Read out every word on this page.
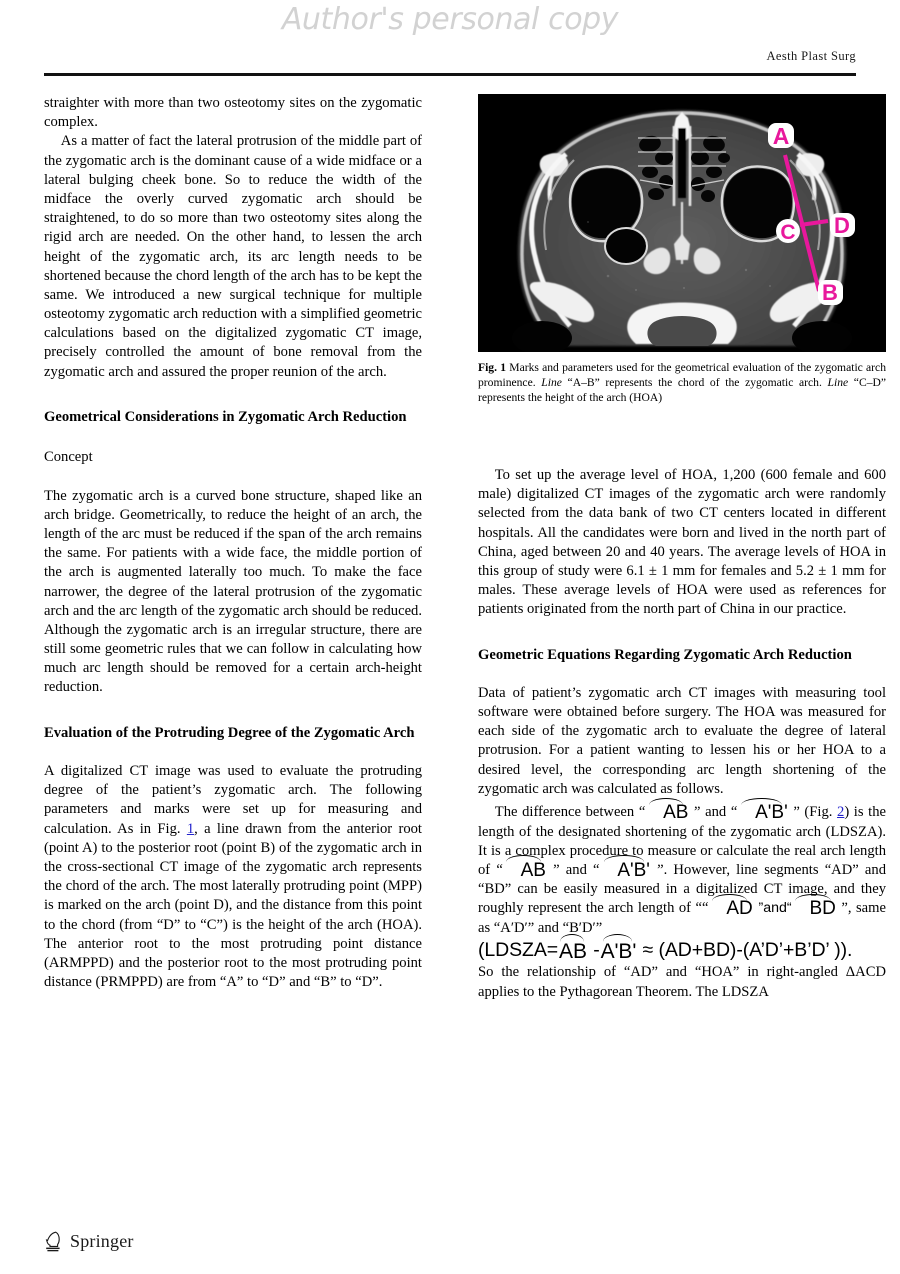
Author's personal copy
Aesth Plast Surg

straighter with more than two osteotomy sites on the zygomatic complex.

As a matter of fact the lateral protrusion of the middle part of the zygomatic arch is the dominant cause of a wide midface or a lateral bulging cheek bone. So to reduce the width of the midface the overly curved zygomatic arch should be straightened, to do so more than two osteotomy sites along the rigid arch are needed. On the other hand, to lessen the arch height of the zygomatic arch, its arc length needs to be shortened because the chord length of the arch has to be kept the same. We introduced a new surgical technique for multiple osteotomy zygomatic arch reduction with a simplified geometric calculations based on the digitalized zygomatic CT image, precisely controlled the amount of bone removal from the zygomatic arch and assured the proper reunion of the arch.

Geometrical Considerations in Zygomatic Arch Reduction
Concept

The zygomatic arch is a curved bone structure, shaped like an arch bridge. Geometrically, to reduce the height of an arch, the length of the arc must be reduced if the span of the arch remains the same. For patients with a wide face, the middle portion of the arch is augmented laterally too much. To make the face narrower, the degree of the lateral protrusion of the zygomatic arch and the arc length of the zygomatic arch should be reduced. Although the zygomatic arch is an irregular structure, there are still some geometric rules that we can follow in calculating how much arc length should be removed for a certain arch-height reduction.

Evaluation of the Protruding Degree of the Zygomatic Arch

A digitalized CT image was used to evaluate the protruding degree of the patient’s zygomatic arch. The following parameters and marks were set up for measuring and calculation. As in Fig. 1, a line drawn from the anterior root (point A) to the posterior root (point B) of the zygomatic arch in the cross-sectional CT image of the zygomatic arch represents the chord of the arch. The most laterally protruding point (MPP) is marked on the arch (point D), and the distance from this point to the chord (from “D” to “C”) is the height of the arch (HOA). The anterior root to the most protruding point distance (ARMPPD) and the posterior root to the most protruding point distance (PRMPPD) are from “A” to “D” and “B” to “D”.

A
D
C
B
Fig. 1 Marks and parameters used for the geometrical evaluation of the zygomatic arch prominence. Line “A–B” represents the chord of the zygomatic arch. Line “C–D” represents the height of the arch (HOA)

To set up the average level of HOA, 1,200 (600 female and 600 male) digitalized CT images of the zygomatic arch were randomly selected from the data bank of two CT centers located in different hospitals. All the candidates were born and lived in the north part of China, aged between 20 and 40 years. The average levels of HOA in this group of study were 6.1 ± 1 mm for females and 5.2 ± 1 mm for males. These average levels of HOA were used as references for patients originated from the north part of China in our practice.

Geometric Equations Regarding Zygomatic Arch Reduction

Data of patient’s zygomatic arch CT images with measuring tool software were obtained before surgery. The HOA was measured for each side of the zygomatic arch to evaluate the degree of lateral protrusion. For a patient wanting to lessen his or her HOA to a desired level, the corresponding arc length shortening of the zygomatic arch was calculated as follows.

The difference between “ AB ” and “ A'B' ” (Fig. 2) is the length of the designated shortening of the zygomatic arch (LDSZA). It is a complex procedure to measure or calculate the real arch length of “ AB ” and “ A'B' ”. However, line segments “AD” and “BD” can be easily measured in a digitalized CT image, and they roughly represent the arch length of ““ AD ”and“ BD ”, same as “A′D′” and “B′D′”

(LDSZA=
AB -
A'B' ≈ (AD+BD)-(A’D’+B’D’ )).

So the relationship of “AD” and “HOA” in right-angled ΔACD applies to the Pythagorean Theorem. The LDSZA

Springer
